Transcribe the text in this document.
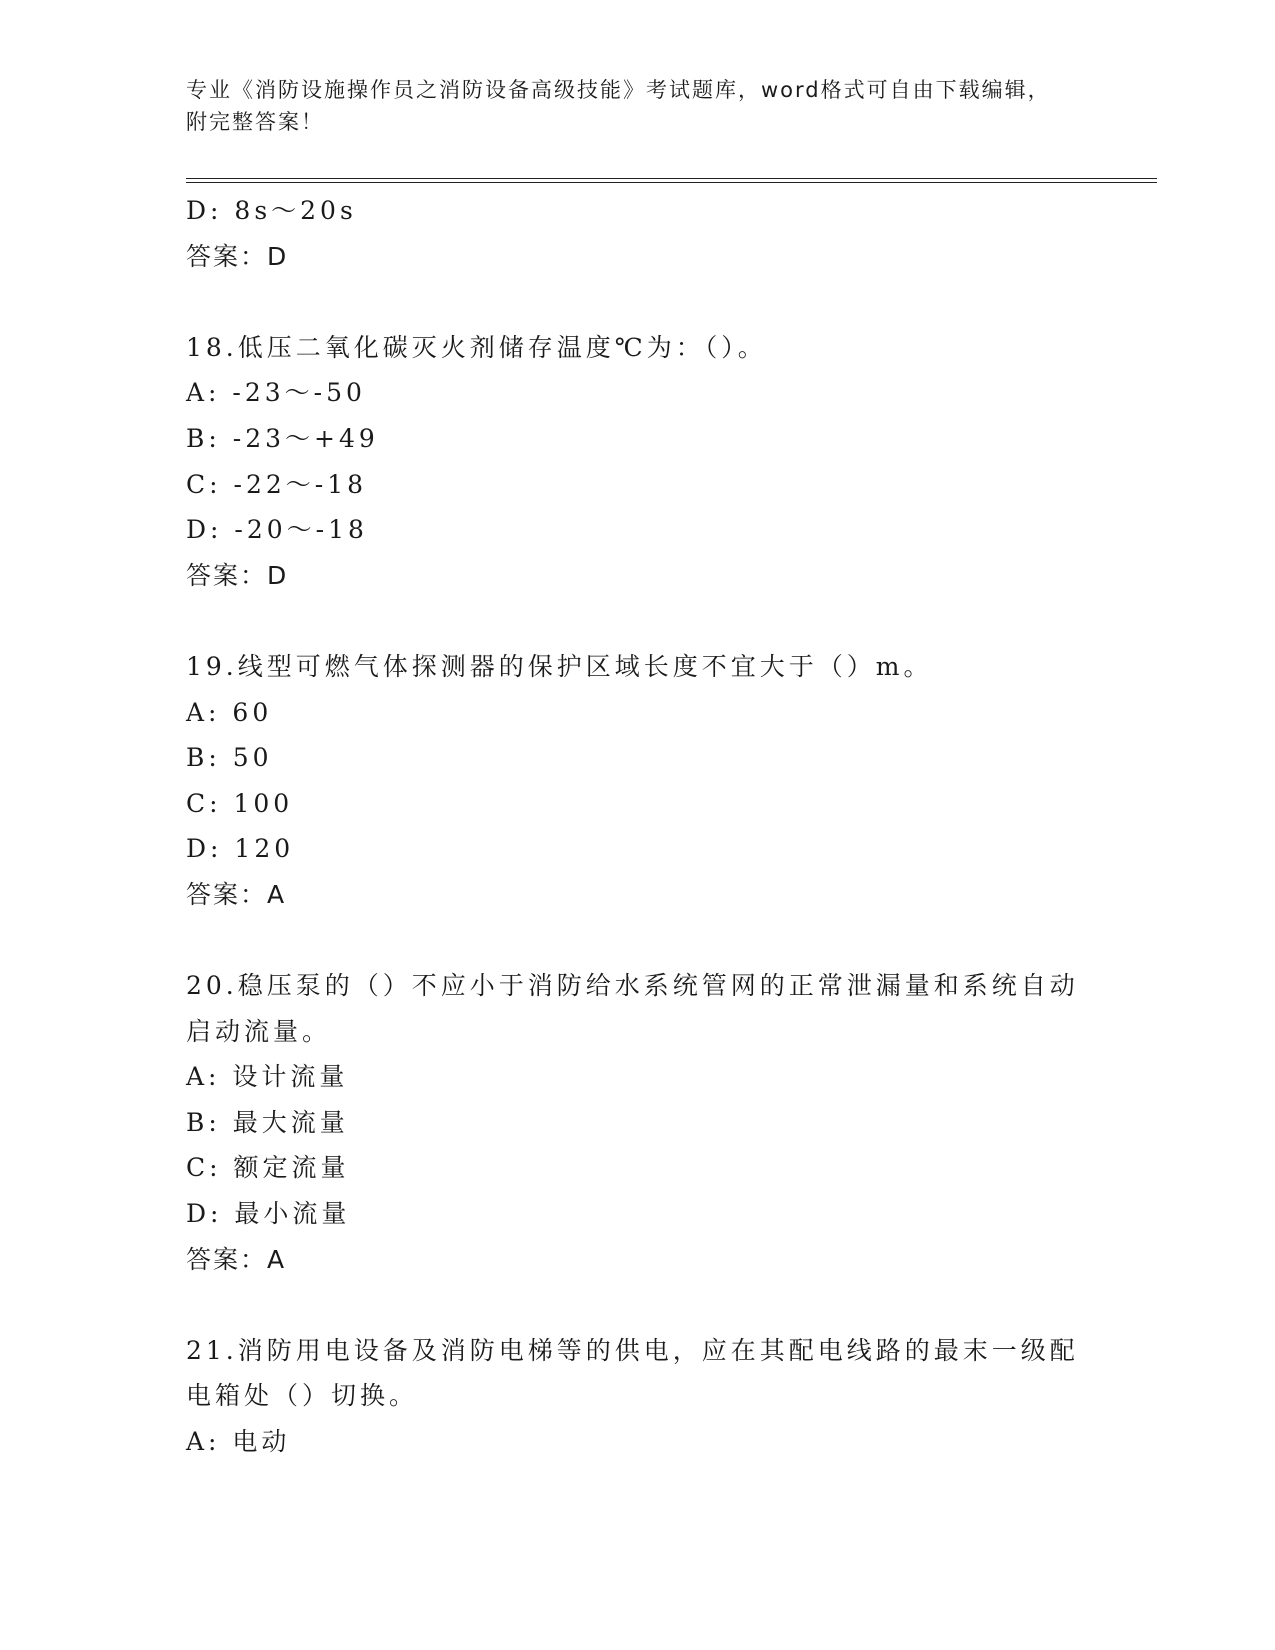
专业《消防设施操作员之消防设备高级技能》考试题库，word格式可自由下载编辑，附完整答案！
D: 8s～20s
答案：D
18.低压二氧化碳灭火剂储存温度℃为：（）。
A: -23～-50
B: -23～+49
C: -22～-18
D: -20～-18
答案：D
19.线型可燃气体探测器的保护区域长度不宜大于（）m。
A: 60
B: 50
C: 100
D: 120
答案：A
20.稳压泵的（）不应小于消防给水系统管网的正常泄漏量和系统自动启动流量。
A: 设计流量
B: 最大流量
C: 额定流量
D: 最小流量
答案：A
21.消防用电设备及消防电梯等的供电，应在其配电线路的最末一级配电箱处（）切换。
A: 电动
